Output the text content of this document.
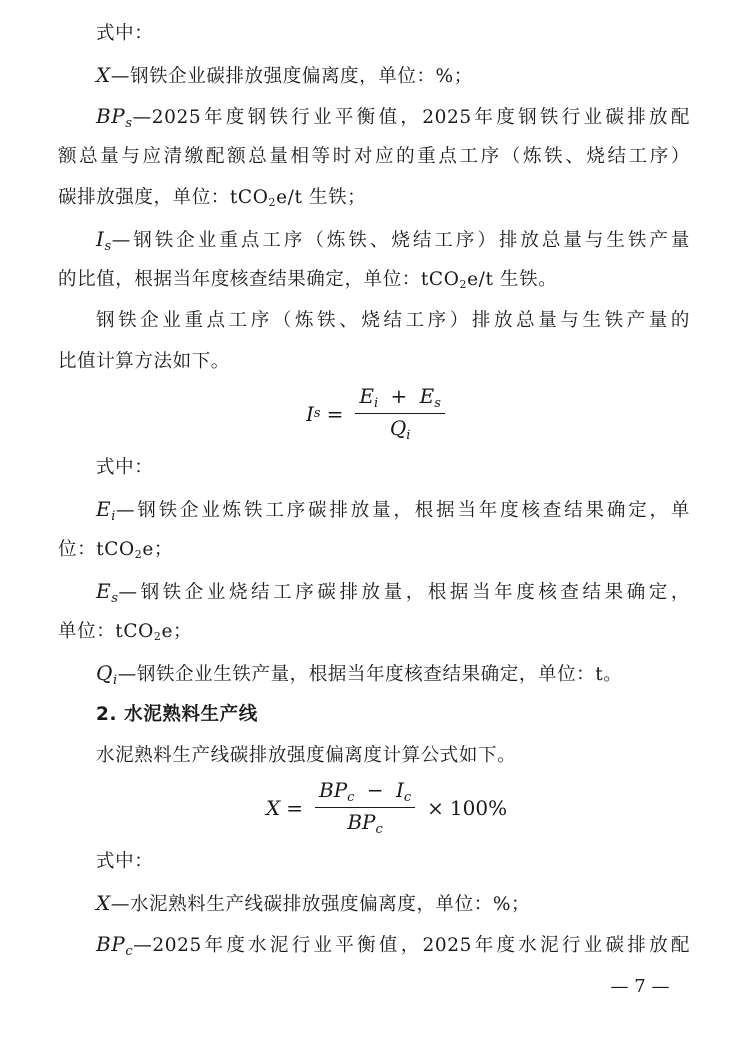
式中：
X—钢铁企业碳排放强度偏离度，单位：%；
$BP_s—2025$年度钢铁行业平衡值，2025年度钢铁行业碳排放配
额总量与应清缴配额总量相等时对应的重点工序（炼铁、烧结工序）
碳排放强度，单位：tCO2e/t 生铁；
$I_s—$钢铁企业重点工序（炼铁、烧结工序）排放总量与生铁产量
的比值，根据当年度核查结果确定，单位：tCO2e/t 生铁。
钢铁企业重点工序（炼铁、烧结工序）排放总量与生铁产量的
比值计算方法如下。
I $s = \frac{E_i + E_s}{Q_i}$
式中：
$E_i—$钢铁企业炼铁工序碳排放量，根据当年度核查结果确定，单
位：tCO2e；
$E_s—$钢铁企业烧结工序碳排放量，根据当年度核查结果确定，
单位：tCO2e；
$Q_i—$钢铁企业生铁产量，根据当年度核查结果确定，单位：t。
2. 水泥熟料生产线
水泥熟料生产线碳排放强度偏离度计算公式如下。
$X = \frac{BP_c - I_c}{BP_c} \times 100\%$
式中：
X—水泥熟料生产线碳排放强度偏离度，单位：%；
$BP_c—2025$年度水泥行业平衡值，2025年度水泥行业碳排放配
— 7 —
